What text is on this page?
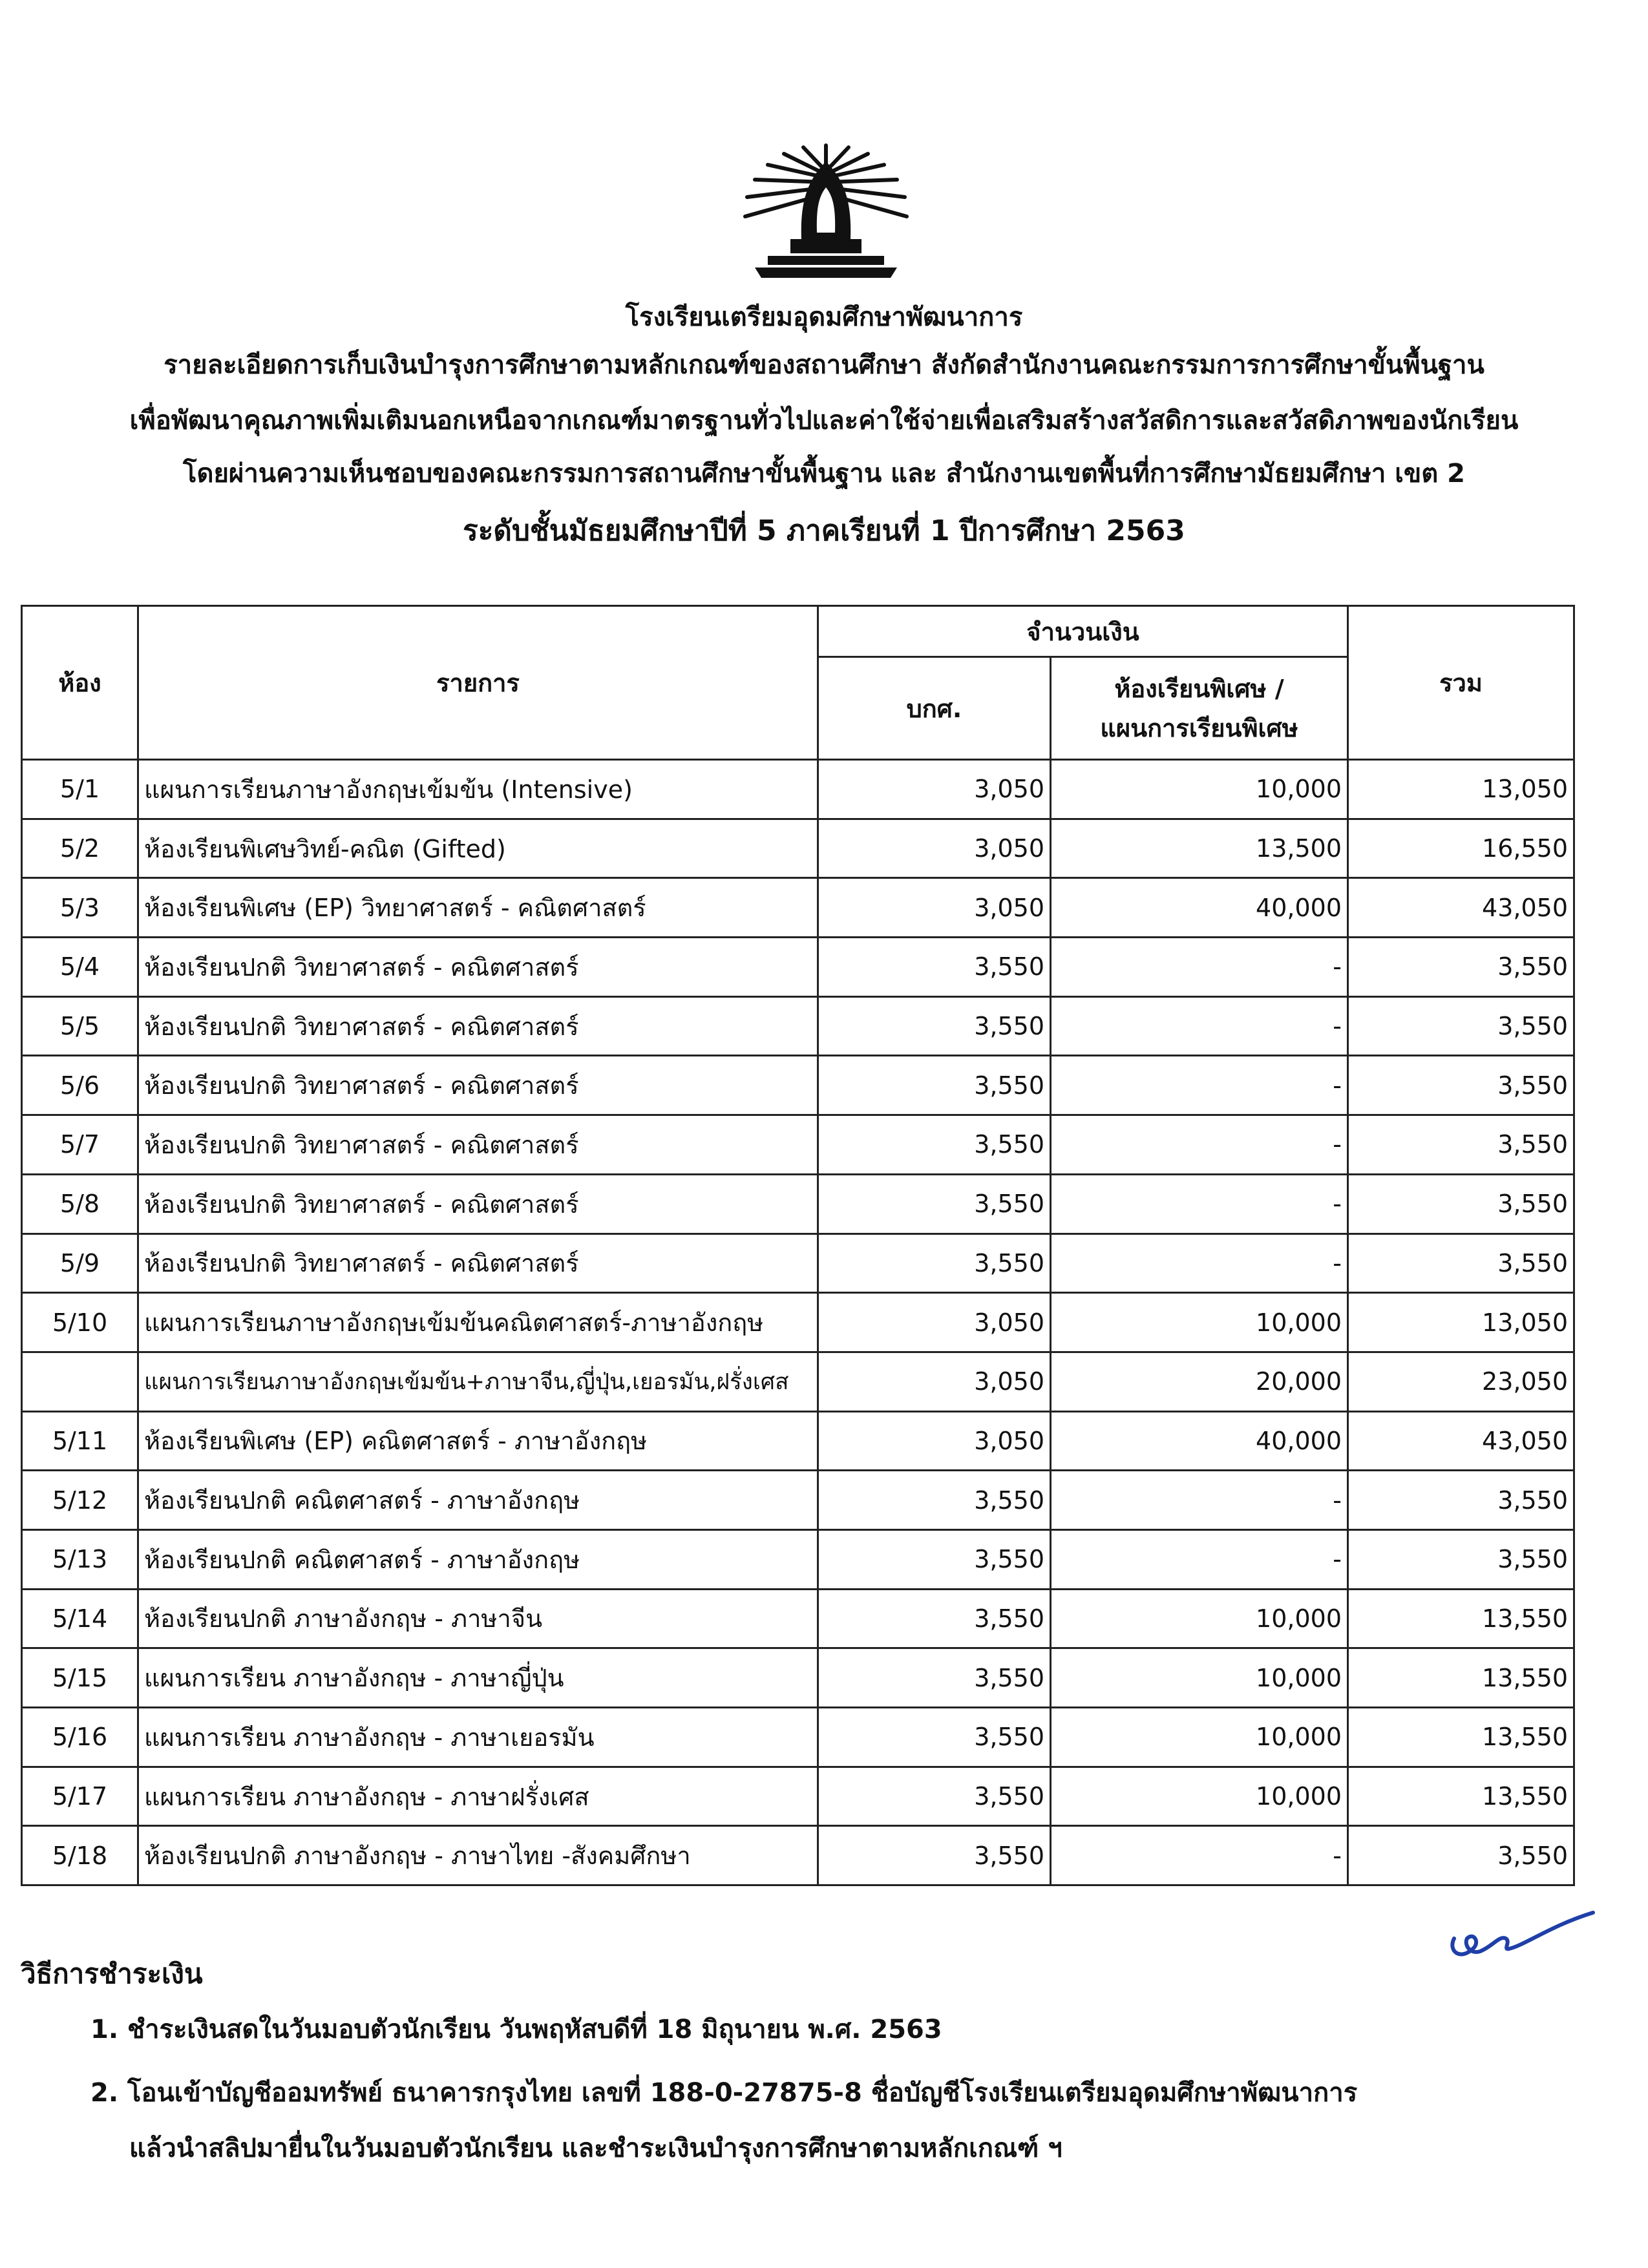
โรงเรียนเตรียมอุดมศึกษาพัฒนาการ
รายละเอียดการเก็บเงินบำรุงการศึกษาตามหลักเกณฑ์ของสถานศึกษา สังกัดสำนักงานคณะกรรมการการศึกษาขั้นพื้นฐาน
เพื่อพัฒนาคุณภาพเพิ่มเติมนอกเหนือจากเกณฑ์มาตรฐานทั่วไปและค่าใช้จ่ายเพื่อเสริมสร้างสวัสดิการและสวัสดิภาพของนักเรียน
โดยผ่านความเห็นชอบของคณะกรรมการสถานศึกษาขั้นพื้นฐาน และ สำนักงานเขตพื้นที่การศึกษามัธยมศึกษา เขต 2
ระดับชั้นมัธยมศึกษาปีที่ 5 ภาคเรียนที่ 1 ปีการศึกษา 2563
ห้อง	รายการ	จำนวนเงิน		รวม
		บกศ.	ห้องเรียนพิเศษ /
แผนการเรียนพิเศษ	

5/1	แผนการเรียนภาษาอังกฤษเข้มข้น (Intensive)	3,050	10,000	13,050
5/2	ห้องเรียนพิเศษวิทย์-คณิต (Gifted)	3,050	13,500	16,550
5/3	ห้องเรียนพิเศษ (EP) วิทยาศาสตร์ - คณิตศาสตร์	3,050	40,000	43,050
5/4	ห้องเรียนปกติ วิทยาศาสตร์ - คณิตศาสตร์	3,550	-	3,550
5/5	ห้องเรียนปกติ วิทยาศาสตร์ - คณิตศาสตร์	3,550	-	3,550
5/6	ห้องเรียนปกติ วิทยาศาสตร์ - คณิตศาสตร์	3,550	-	3,550
5/7	ห้องเรียนปกติ วิทยาศาสตร์ - คณิตศาสตร์	3,550	-	3,550
5/8	ห้องเรียนปกติ วิทยาศาสตร์ - คณิตศาสตร์	3,550	-	3,550
5/9	ห้องเรียนปกติ วิทยาศาสตร์ - คณิตศาสตร์	3,550	-	3,550
5/10	แผนการเรียนภาษาอังกฤษเข้มข้นคณิตศาสตร์-ภาษาอังกฤษ	3,050	10,000	13,050
	แผนการเรียนภาษาอังกฤษเข้มข้น+ภาษาจีน,ญี่ปุ่น,เยอรมัน,ฝรั่งเศส	3,050	20,000	23,050
5/11	ห้องเรียนพิเศษ (EP) คณิตศาสตร์ - ภาษาอังกฤษ	3,050	40,000	43,050
5/12	ห้องเรียนปกติ คณิตศาสตร์ - ภาษาอังกฤษ	3,550	-	3,550
5/13	ห้องเรียนปกติ คณิตศาสตร์ - ภาษาอังกฤษ	3,550	-	3,550
5/14	ห้องเรียนปกติ ภาษาอังกฤษ - ภาษาจีน	3,550	10,000	13,550
5/15	แผนการเรียน ภาษาอังกฤษ - ภาษาญี่ปุ่น	3,550	10,000	13,550
5/16	แผนการเรียน ภาษาอังกฤษ - ภาษาเยอรมัน	3,550	10,000	13,550
5/17	แผนการเรียน ภาษาอังกฤษ - ภาษาฝรั่งเศส	3,550	10,000	13,550
5/18	ห้องเรียนปกติ ภาษาอังกฤษ - ภาษาไทย -สังคมศึกษา	3,550	-	3,550
วิธีการชำระเงิน
1. ชำระเงินสดในวันมอบตัวนักเรียน วันพฤหัสบดีที่ 18 มิถุนายน พ.ศ. 2563
2. โอนเข้าบัญชีออมทรัพย์ ธนาคารกรุงไทย เลขที่ 188-0-27875-8 ชื่อบัญชีโรงเรียนเตรียมอุดมศึกษาพัฒนาการ
แล้วนำสลิปมายื่นในวันมอบตัวนักเรียน และชำระเงินบำรุงการศึกษาตามหลักเกณฑ์ ฯ
